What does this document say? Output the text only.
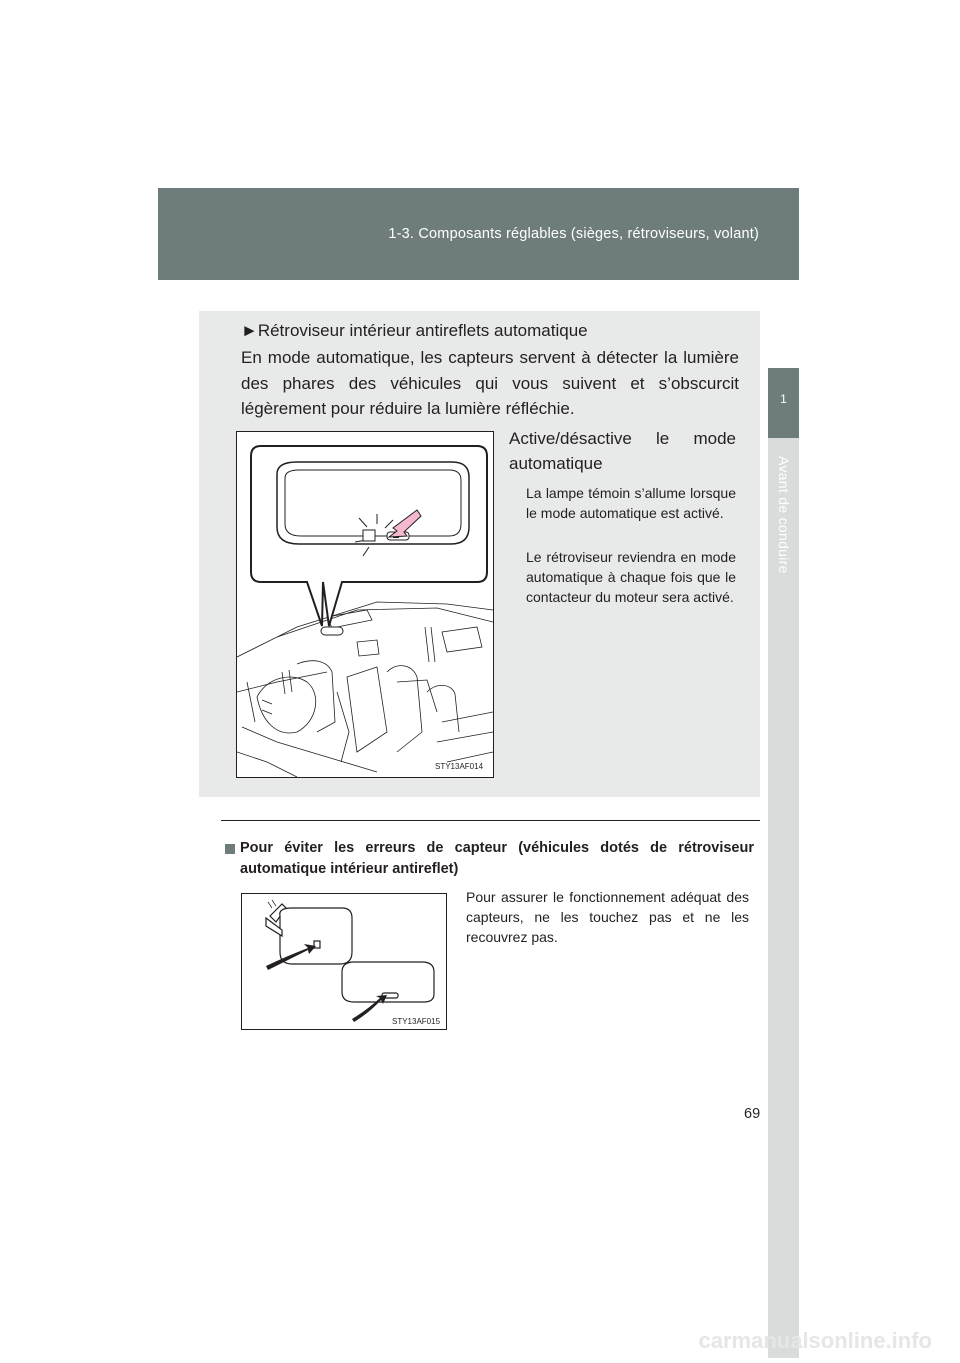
1-3. Composants réglables (sièges, rétroviseurs, volant)
1
Avant de conduire
►Rétroviseur intérieur antireflets automatique
En mode automatique, les capteurs servent à détecter la lumière des phares des véhicules qui vous suivent et s’obscurcit légèrement pour réduire la lumière réfléchie.
STY13AF014
Active/désactive le mode automatique
La lampe témoin s’allume lorsque le mode automatique est activé.
Le rétroviseur reviendra en mode automatique à chaque fois que le contacteur du moteur sera activé.
Pour éviter les erreurs de capteur (véhicules dotés de rétroviseur automatique intérieur antireflet)
STY13AF015
Pour assurer le fonctionnement adéquat des capteurs, ne les touchez pas et ne les recouvrez pas.
69
carmanualsonline.info
